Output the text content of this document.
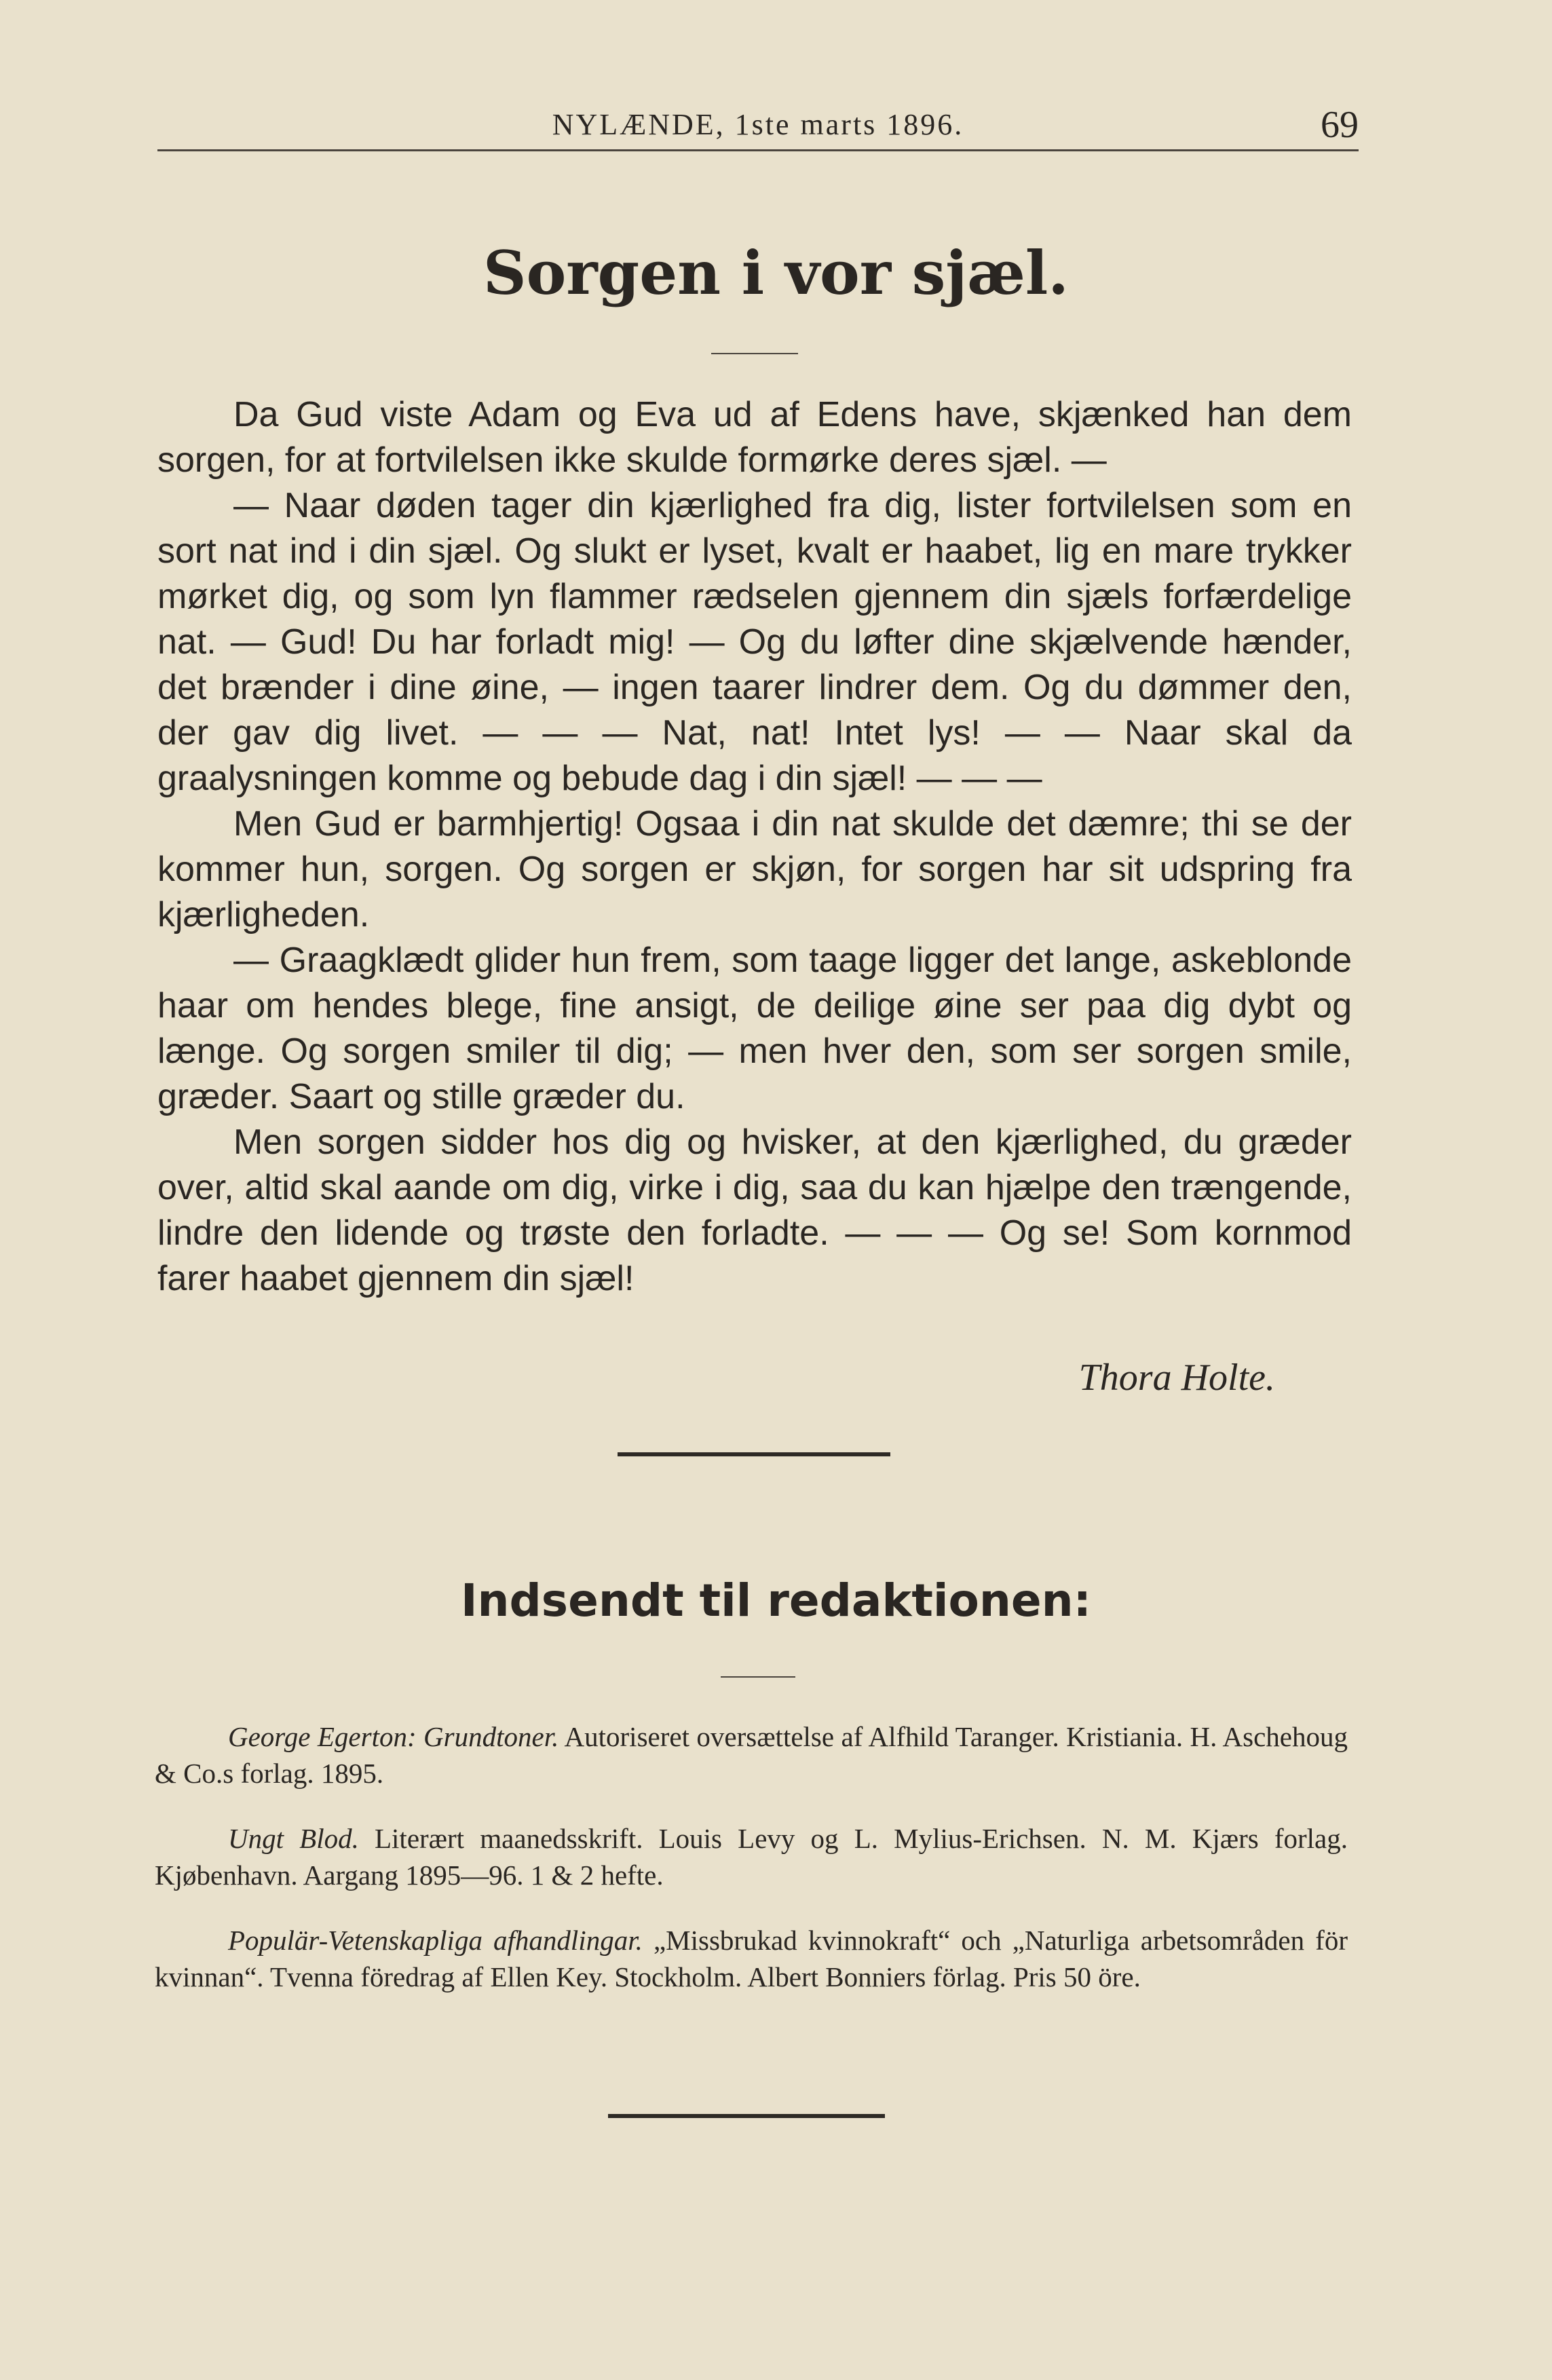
NYLÆNDE, 1ste marts 1896.	69
Sorgen i vor sjæl.

Da Gud viste Adam og Eva ud af Edens have, skjænked han dem sorgen, for at fortvilelsen ikke skulde formørke deres sjæl. —

— Naar døden tager din kjærlighed fra dig, lister fortvilelsen som en sort nat ind i din sjæl. Og slukt er lyset, kvalt er haabet, lig en mare trykker mørket dig, og som lyn flammer rædselen gjennem din sjæls forfærdelige nat. — Gud! Du har forladt mig! — Og du løfter dine skjælvende hænder, det brænder i dine øine, — ingen taarer lindrer dem. Og du dømmer den, der gav dig livet. — — — Nat, nat! Intet lys! — — Naar skal da graalysningen komme og bebude dag i din sjæl! — — —

Men Gud er barmhjertig! Ogsaa i din nat skulde det dæmre; thi se der kommer hun, sorgen. Og sorgen er skjøn, for sorgen har sit udspring fra kjærligheden.

— Graagklædt glider hun frem, som taage ligger det lange, askeblonde haar om hendes blege, fine ansigt, de deilige øine ser paa dig dybt og længe. Og sorgen smiler til dig; — men hver den, som ser sorgen smile, græder. Saart og stille græder du.

Men sorgen sidder hos dig og hvisker, at den kjærlighed, du græder over, altid skal aande om dig, virke i dig, saa du kan hjælpe den trængende, lindre den lidende og trøste den forladte. — — — Og se! Som kornmod farer haabet gjennem din sjæl!

Thora Holte.
Indsendt til redaktionen:

George Egerton: Grundtoner. Autoriseret oversættelse af Alfhild Taranger. Kristiania. H. Aschehoug & Co.s forlag. 1895.

Ungt Blod. Literært maanedsskrift. Louis Levy og L. Mylius-Erichsen. N. M. Kjærs forlag. Kjøbenhavn. Aargang 1895—96. 1 & 2 hefte.

Populär-Vetenskapliga afhandlingar. „Missbrukad kvinnokraft“ och „Naturliga arbetsområden för kvinnan“. Tvenna föredrag af Ellen Key. Stockholm. Albert Bonniers förlag. Pris 50 öre.
